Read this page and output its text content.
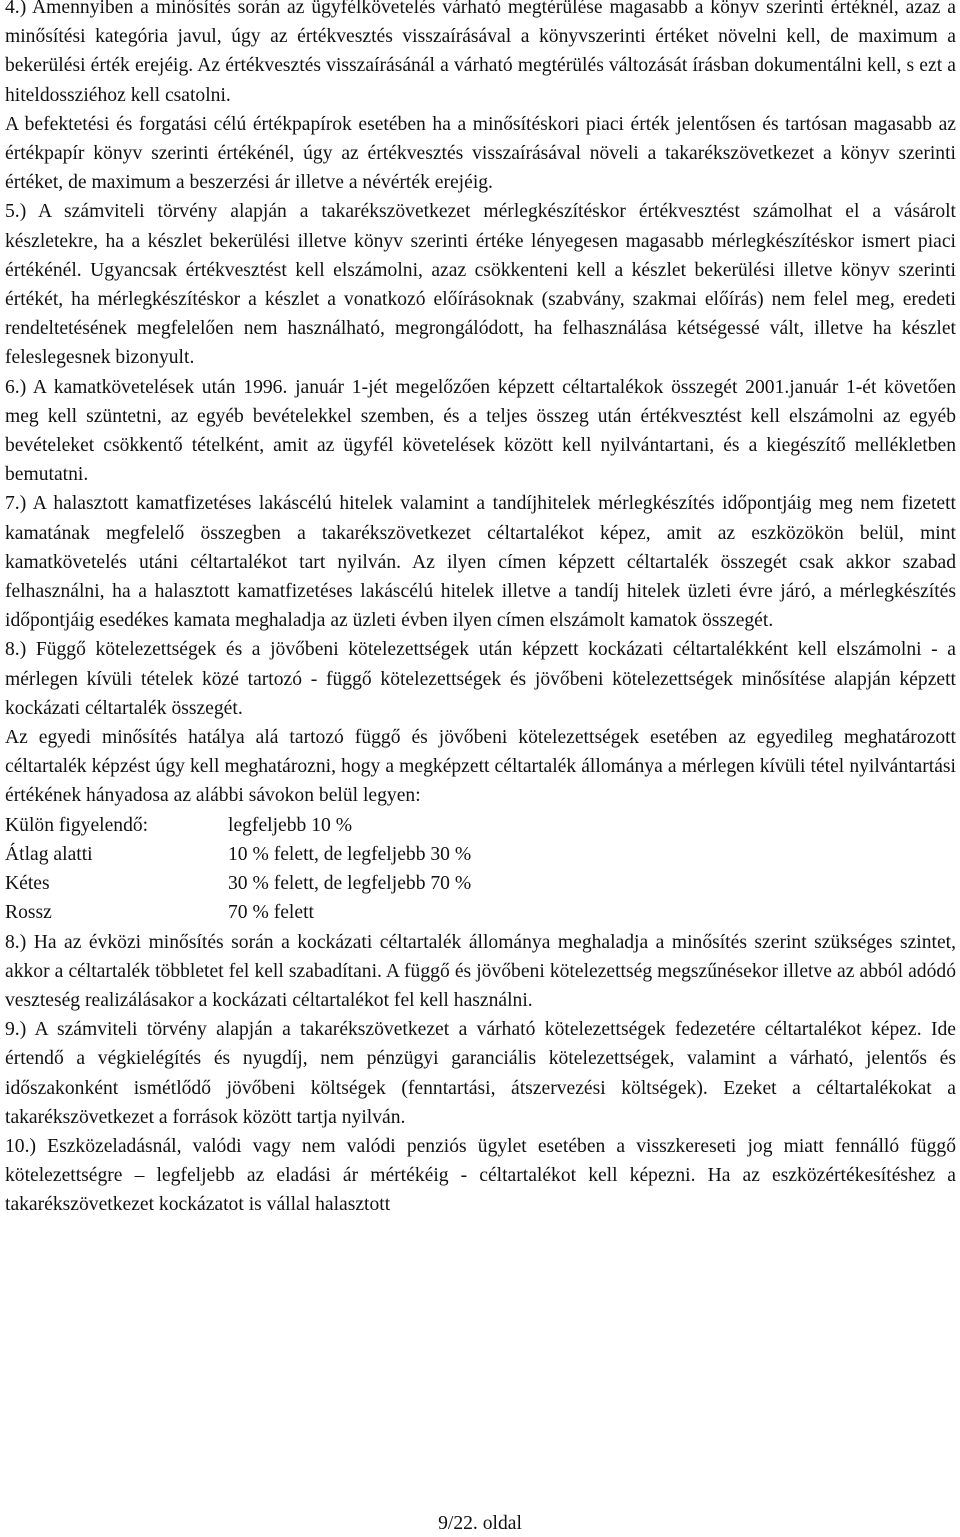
4.) Amennyiben a minősítés során az ügyfélkövetelés várható megtérülése magasabb a könyv szerinti értéknél, azaz a minősítési kategória javul, úgy az értékvesztés visszaírásával a könyvszerinti értéket növelni kell, de maximum a bekerülési érték erejéig. Az értékvesztés visszaírásánál a várható megtérülés változását írásban dokumentálni kell, s ezt a hiteldossziéhoz kell csatolni.

A befektetési és forgatási célú értékpapírok esetében ha a minősítéskori piaci érték jelentősen és tartósan magasabb az értékpapír könyv szerinti értékénél, úgy az értékvesztés visszaírásával növeli a takarékszövetkezet a könyv szerinti értéket, de maximum a beszerzési ár illetve a névérték erejéig.

5.) A számviteli törvény alapján a takarékszövetkezet mérlegkészítéskor értékvesztést számolhat el a vásárolt készletekre, ha a készlet bekerülési illetve könyv szerinti értéke lényegesen magasabb mérlegkészítéskor ismert piaci értékénél. Ugyancsak értékvesztést kell elszámolni, azaz csökkenteni kell a készlet bekerülési illetve könyv szerinti értékét, ha mérlegkészítéskor a készlet a vonatkozó előírásoknak (szabvány, szakmai előírás) nem felel meg, eredeti rendeltetésének megfelelően nem használható, megrongálódott, ha felhasználása kétségessé vált, illetve ha készlet feleslegesnek bizonyult.

6.) A kamatkövetelések után 1996. január 1-jét megelőzően képzett céltartalékok összegét 2001.január 1-ét követően meg kell szüntetni, az egyéb bevételekkel szemben, és a teljes összeg után értékvesztést kell elszámolni az egyéb bevételeket csökkentő tételként, amit az ügyfél követelések között kell nyilvántartani, és a kiegészítő mellékletben bemutatni.

7.) A halasztott kamatfizetéses lakáscélú hitelek valamint a tandíjhitelek mérlegkészítés időpontjáig meg nem fizetett kamatának megfelelő összegben a takarékszövetkezet céltartalékot képez, amit az eszközökön belül, mint kamatkövetelés utáni céltartalékot tart nyilván. Az ilyen címen képzett céltartalék összegét csak akkor szabad felhasználni, ha a halasztott kamatfizetéses lakáscélú hitelek illetve a tandíj hitelek üzleti évre járó, a mérlegkészítés időpontjáig esedékes kamata meghaladja az üzleti évben ilyen címen elszámolt kamatok összegét.

8.) Függő kötelezettségek és a jövőbeni kötelezettségek után képzett kockázati céltartalékként kell elszámolni - a mérlegen kívüli tételek közé tartozó - függő kötelezettségek és jövőbeni kötelezettségek minősítése alapján képzett kockázati céltartalék összegét.

Az egyedi minősítés hatálya alá tartozó függő és jövőbeni kötelezettségek esetében az egyedileg meghatározott céltartalék képzést úgy kell meghatározni, hogy a megképzett céltartalék állománya a mérlegen kívüli tétel nyilvántartási értékének hányadosa az alábbi sávokon belül legyen:

Külön figyelendő:	legfeljebb 10 %
Átlag alatti	10 % felett, de legfeljebb 30 %
Kétes	30 % felett, de legfeljebb 70 %
Rossz	70 % felett

8.) Ha az évközi minősítés során a kockázati céltartalék állománya meghaladja a minősítés szerint szükséges szintet, akkor a céltartalék többletet fel kell szabadítani. A függő és jövőbeni kötelezettség megszűnésekor illetve az abból adódó veszteség realizálásakor a kockázati céltartalékot fel kell használni.

9.) A számviteli törvény alapján a takarékszövetkezet a várható kötelezettségek fedezetére céltartalékot képez. Ide értendő a végkielégítés és nyugdíj, nem pénzügyi garanciális kötelezettségek, valamint a várható, jelentős és időszakonként ismétlődő jövőbeni költségek (fenntartási, átszervezési költségek). Ezeket a céltartalékokat a takarékszövetkezet a források között tartja nyilván.

10.) Eszközeladásnál, valódi vagy nem valódi penziós ügylet esetében a visszkereseti jog miatt fennálló függő kötelezettségre – legfeljebb az eladási ár mértékéig - céltartalékot kell képezni. Ha az eszközértékesítéshez a takarékszövetkezet kockázatot is vállal halasztott

9/22. oldal
